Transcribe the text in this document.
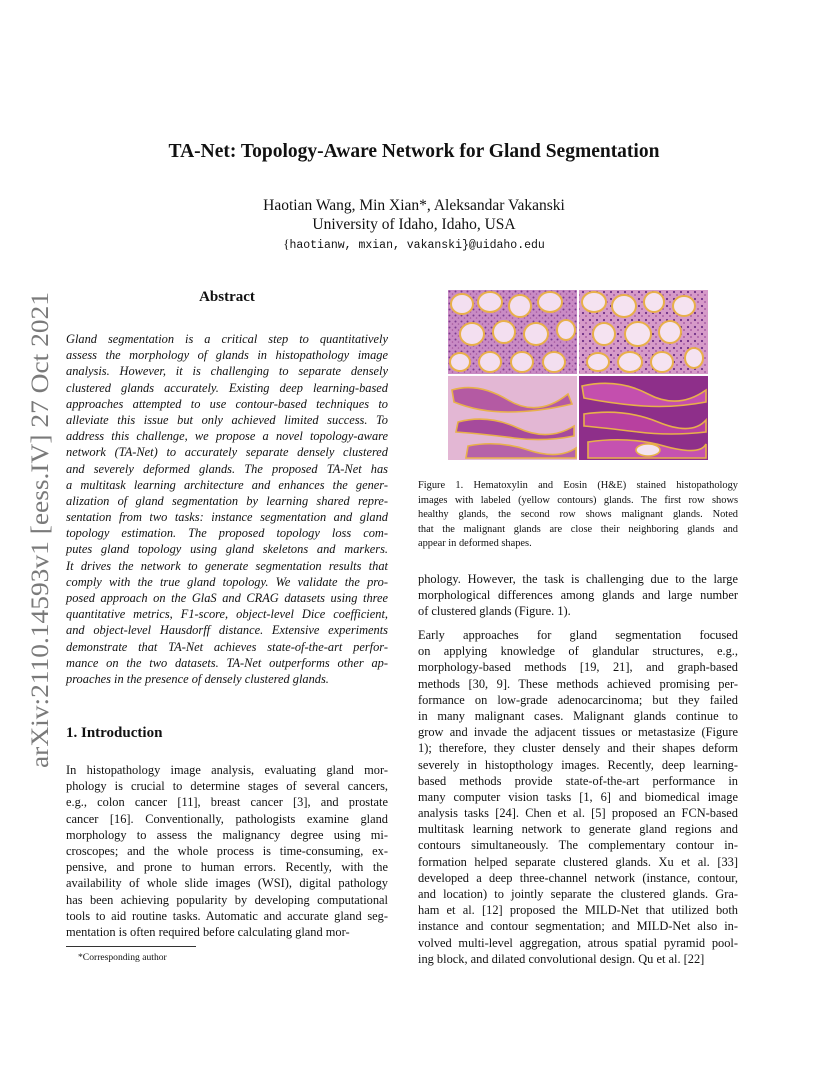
arXiv:2110.14593v1 [eess.IV] 27 Oct 2021
TA-Net: Topology-Aware Network for Gland Segmentation
Haotian Wang, Min Xian*, Aleksandar Vakanski
University of Idaho, Idaho, USA
{haotianw, mxian, vakanski}@uidaho.edu
Abstract
Gland segmentation is a critical step to quantitatively
assess the morphology of glands in histopathology image
analysis. However, it is challenging to separate densely
clustered glands accurately. Existing deep learning-based
approaches attempted to use contour-based techniques to
alleviate this issue but only achieved limited success. To
address this challenge, we propose a novel topology-aware
network (TA-Net) to accurately separate densely clustered
and severely deformed glands. The proposed TA-Net has
a multitask learning architecture and enhances the gener-
alization of gland segmentation by learning shared repre-
sentation from two tasks: instance segmentation and gland
topology estimation. The proposed topology loss com-
putes gland topology using gland skeletons and markers.
It drives the network to generate segmentation results that
comply with the true gland topology. We validate the pro-
posed approach on the GlaS and CRAG datasets using three
quantitative metrics, F1-score, object-level Dice coefficient,
and object-level Hausdorff distance. Extensive experiments
demonstrate that TA-Net achieves state-of-the-art perfor-
mance on the two datasets. TA-Net outperforms other ap-
proaches in the presence of densely clustered glands.
1. Introduction
In histopathology image analysis, evaluating gland mor-
phology is crucial to determine stages of several cancers,
e.g., colon cancer [11], breast cancer [3], and prostate
cancer [16]. Conventionally, pathologists examine gland
morphology to assess the malignancy degree using mi-
croscopes; and the whole process is time-consuming, ex-
pensive, and prone to human errors. Recently, with the
availability of whole slide images (WSI), digital pathology
has been achieving popularity by developing computational
tools to aid routine tasks. Automatic and accurate gland seg-
mentation is often required before calculating gland mor-
*Corresponding author
Figure 1. Hematoxylin and Eosin (H&E) stained histopathology
images with labeled (yellow contours) glands. The first row shows
healthy glands, the second row shows malignant glands. Noted
that the malignant glands are close their neighboring glands and
appear in deformed shapes.
phology. However, the task is challenging due to the large
morphological differences among glands and large number
of clustered glands (Figure. 1).
Early approaches for gland segmentation focused
on applying knowledge of glandular structures, e.g.,
morphology-based methods [19, 21], and graph-based
methods [30, 9]. These methods achieved promising per-
formance on low-grade adenocarcinoma; but they failed
in many malignant cases. Malignant glands continue to
grow and invade the adjacent tissues or metastasize (Figure
1); therefore, they cluster densely and their shapes deform
severely in histopthology images. Recently, deep learning-
based methods provide state-of-the-art performance in
many computer vision tasks [1, 6] and biomedical image
analysis tasks [24]. Chen et al. [5] proposed an FCN-based
multitask learning network to generate gland regions and
contours simultaneously. The complementary contour in-
formation helped separate clustered glands. Xu et al. [33]
developed a deep three-channel network (instance, contour,
and location) to jointly separate the clustered glands. Gra-
ham et al. [12] proposed the MILD-Net that utilized both
instance and contour segmentation; and MILD-Net also in-
volved multi-level aggregation, atrous spatial pyramid pool-
ing block, and dilated convolutional design. Qu et al. [22]
